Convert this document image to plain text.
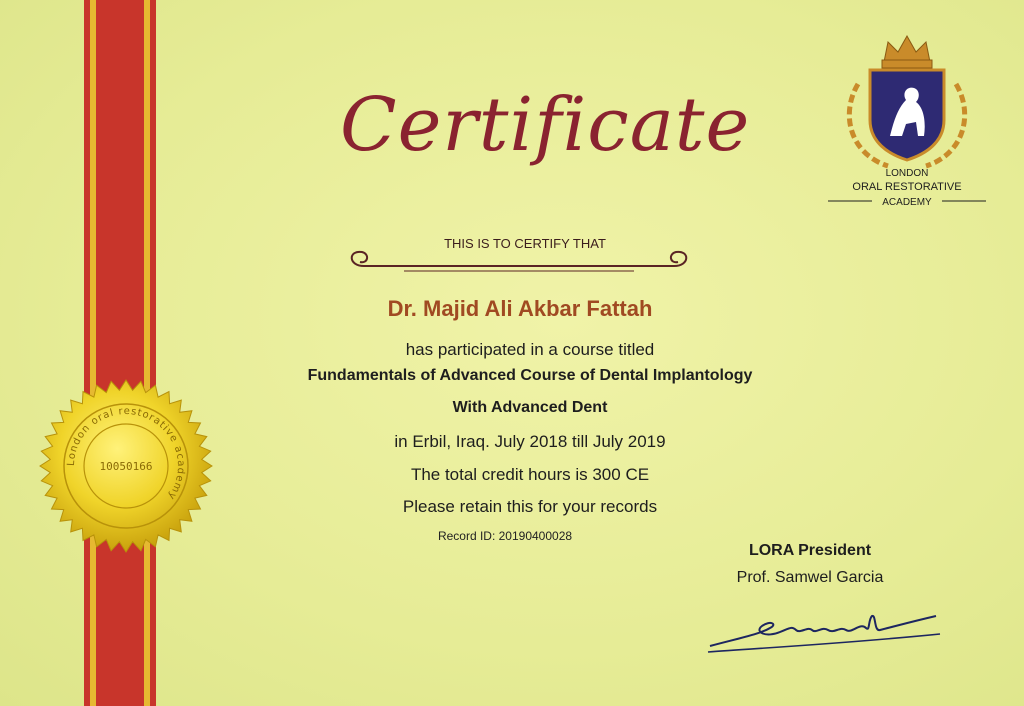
London oral restorative academy
10050166
Certificate
THIS IS TO CERTIFY THAT
Dr. Majid Ali Akbar Fattah
has participated in a course titled
Fundamentals of Advanced Course of Dental Implantology
With Advanced Dent
in Erbil, Iraq. July 2018 till July 2019
The total credit hours is 300 CE
Please retain this for your records
Record ID: 20190400028
LORA President
Prof. Samwel Garcia
LONDON
ORAL RESTORATIVE
ACADEMY
